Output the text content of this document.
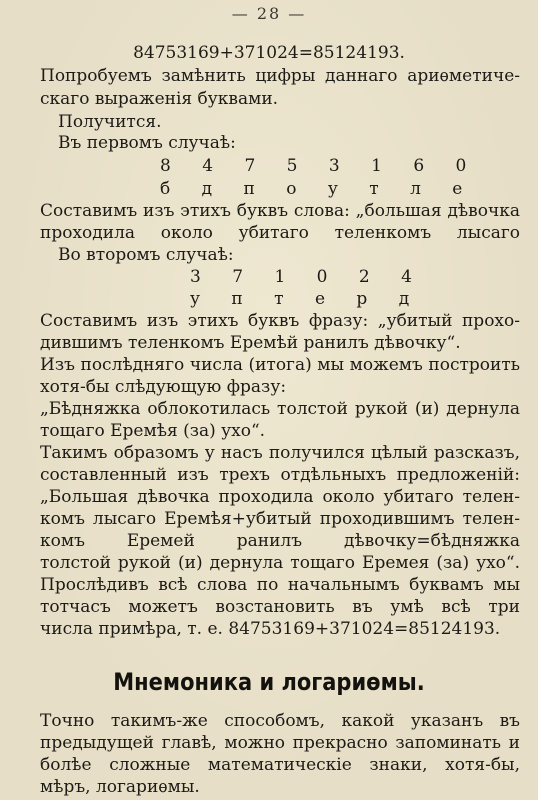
— 28 —
84753169+371024=85124193.
Попробуемъ замѣнить цифры даннаго ариѳметиче-
скаго выраженія буквами.
Получится.
Въ первомъ случаѣ:
8 4 7 5 3 1 6 0
б д п о у т л е
Составимъ изъ этихъ буквъ слова: „большая дѣвочка
проходила около убитаго теленкомъ лысаго
Во второмъ случаѣ:
3 7 1 0 2 4
у п т е р д
Составимъ изъ этихъ буквъ фразу: „убитый прохо-
дившимъ теленкомъ Еремѣй ранилъ дѣвочку“.
Изъ послѣдняго числа (итога) мы можемъ построить
хотя-бы слѣдующую фразу:
„Бѣдняжка облокотилась толстой рукой (и) дернула
тощаго Еремѣя (за) ухо“.
Такимъ образомъ у насъ получился цѣлый разсказъ,
составленный изъ трехъ отдѣльныхъ предложеній:
„Большая дѣвочка проходила около убитаго телен-
комъ лысаго Еремѣя+убитый проходившимъ телен-
комъ Еремей ранилъ дѣвочку=бѣдняжка
толстой рукой (и) дернула тощаго Еремея (за) ухо“.
Прослѣдивъ всѣ слова по начальнымъ буквамъ мы
тотчасъ можетъ возстановить въ умѣ всѣ три
числа примѣра, т. е. 84753169+371024=85124193.
Мнемоника и логариѳмы.
Точно такимъ-же способомъ, какой указанъ въ
предыдущей главѣ, можно прекрасно запоминать и
болѣе сложные математическіе знаки, хотя-бы,
мѣръ, логариѳмы.
